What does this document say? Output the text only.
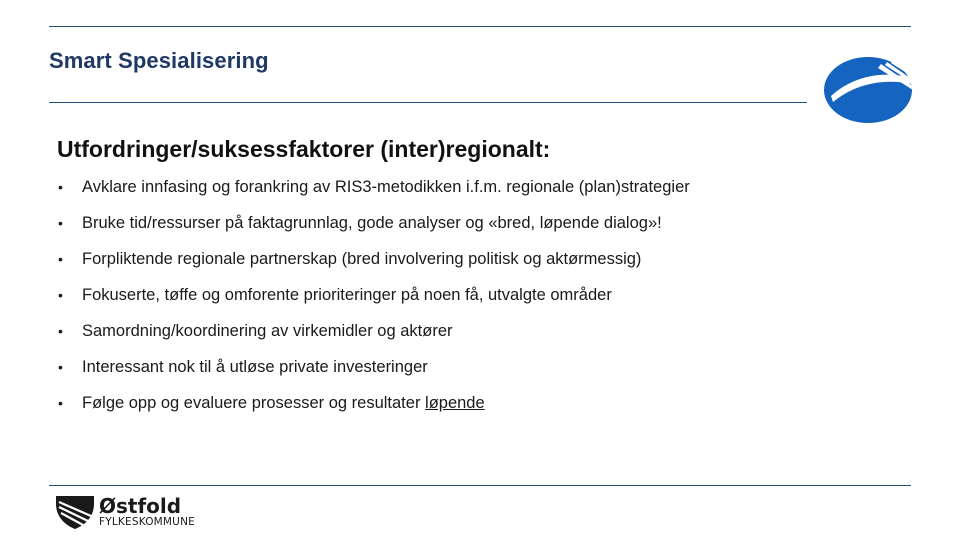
Smart Spesialisering
Utfordringer/suksessfaktorer (inter)regionalt:
• Avklare innfasing og forankring av RIS3-metodikken i.f.m. regionale (plan)strategier
• Bruke tid/ressurser på faktagrunnlag, gode analyser og «bred, løpende dialog»!
• Forpliktende regionale partnerskap (bred involvering politisk og aktørmessig)
• Fokuserte, tøffe og omforente prioriteringer på noen få, utvalgte områder
• Samordning/koordinering av virkemidler og aktører
• Interessant nok til å utløse private investeringer
• Følge opp og evaluere prosesser og resultater løpende
Østfold
FYLKESKOMMUNE
